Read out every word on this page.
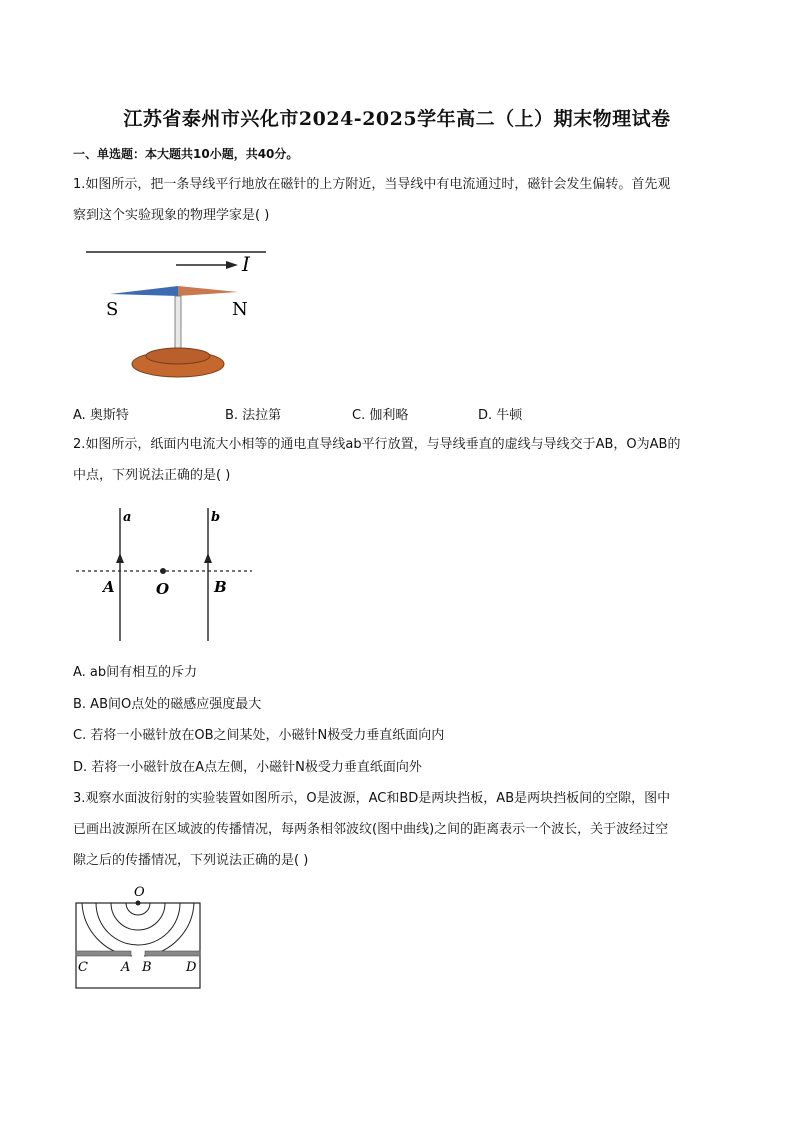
江苏省泰州市兴化市2024-2025学年高二（上）期末物理试卷
一、单选题：本大题共10小题，共40分。
1.如图所示，把一条导线平行地放在磁针的上方附近，当导线中有电流通过时，磁针会发生偏转。首先观
察到这个实验现象的物理学家是( )
I
S	N
A. 奥斯特	B. 法拉第	C. 伽利略	D. 牛顿
2.如图所示，纸面内电流大小相等的通电直导线ab平行放置，与导线垂直的虚线与导线交于AB，O为AB的
中点，下列说法正确的是( )
a	b
A	O	B
A. ab间有相互的斥力
B. AB间O点处的磁感应强度最大
C. 若将一小磁针放在OB之间某处，小磁针N极受力垂直纸面向内
D. 若将一小磁针放在A点左侧，小磁针N极受力垂直纸面向外
3.观察水面波衍射的实验装置如图所示，O是波源，AC和BD是两块挡板，AB是两块挡板间的空隙，图中
已画出波源所在区域波的传播情况，每两条相邻波纹(图中曲线)之间的距离表示一个波长，关于波经过空
隙之后的传播情况，下列说法正确的是( )
O
C	A B	D
